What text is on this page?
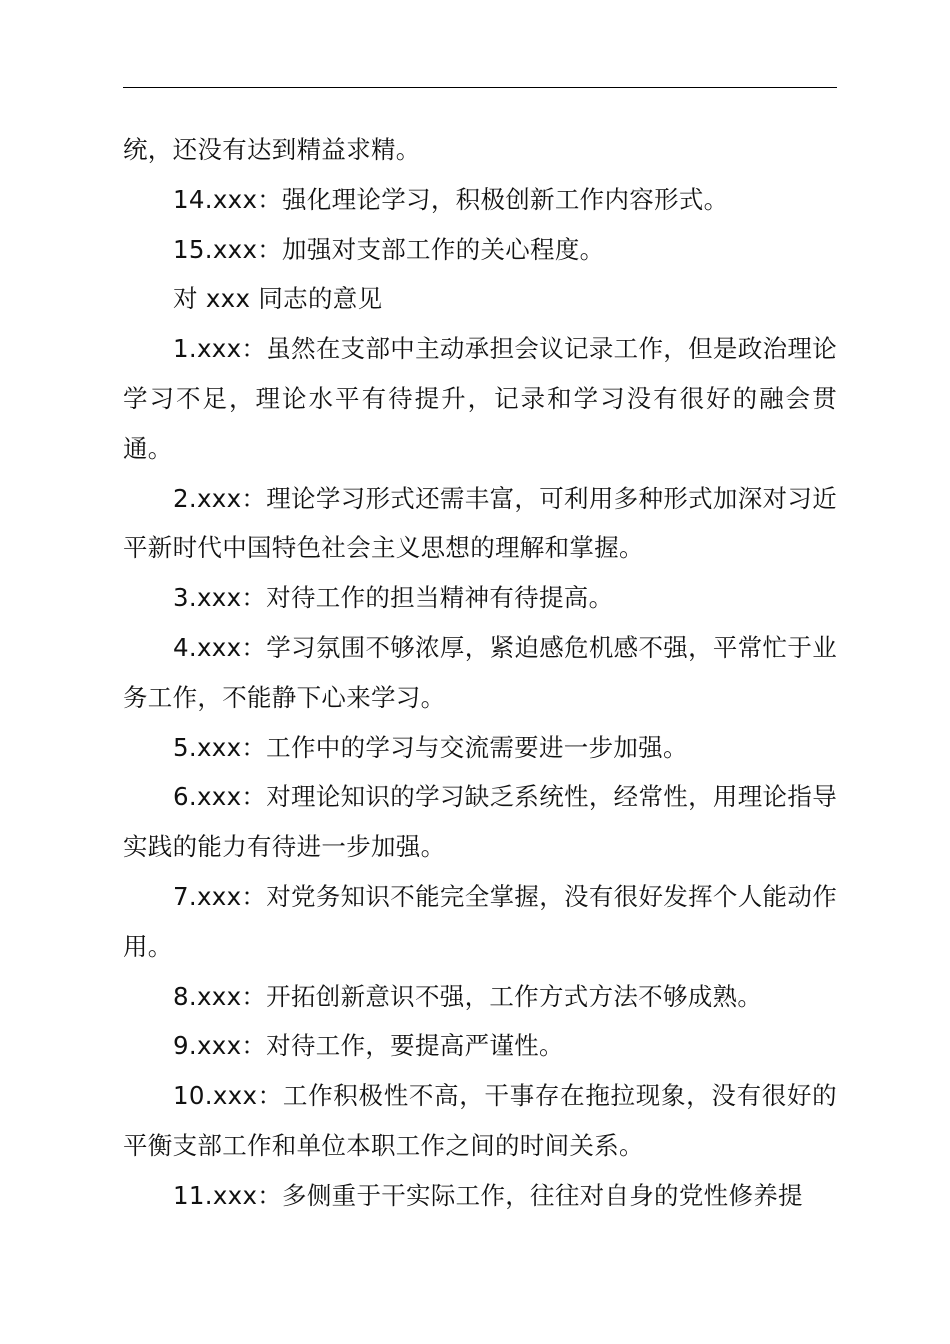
统，还没有达到精益求精。

14.xxx：强化理论学习，积极创新工作内容形式。

15.xxx：加强对支部工作的关心程度。

对 xxx 同志的意见

1.xxx：虽然在支部中主动承担会议记录工作，但是政治理论学习不足，理论水平有待提升，记录和学习没有很好的融会贯通。

2.xxx：理论学习形式还需丰富，可利用多种形式加深对习近平新时代中国特色社会主义思想的理解和掌握。

3.xxx：对待工作的担当精神有待提高。

4.xxx：学习氛围不够浓厚，紧迫感危机感不强，平常忙于业务工作，不能静下心来学习。

5.xxx：工作中的学习与交流需要进一步加强。

6.xxx：对理论知识的学习缺乏系统性，经常性，用理论指导实践的能力有待进一步加强。

7.xxx：对党务知识不能完全掌握，没有很好发挥个人能动作用。

8.xxx：开拓创新意识不强，工作方式方法不够成熟。

9.xxx：对待工作，要提高严谨性。

10.xxx：工作积极性不高，干事存在拖拉现象，没有很好的平衡支部工作和单位本职工作之间的时间关系。

11.xxx：多侧重于干实际工作，往往对自身的党性修养提
